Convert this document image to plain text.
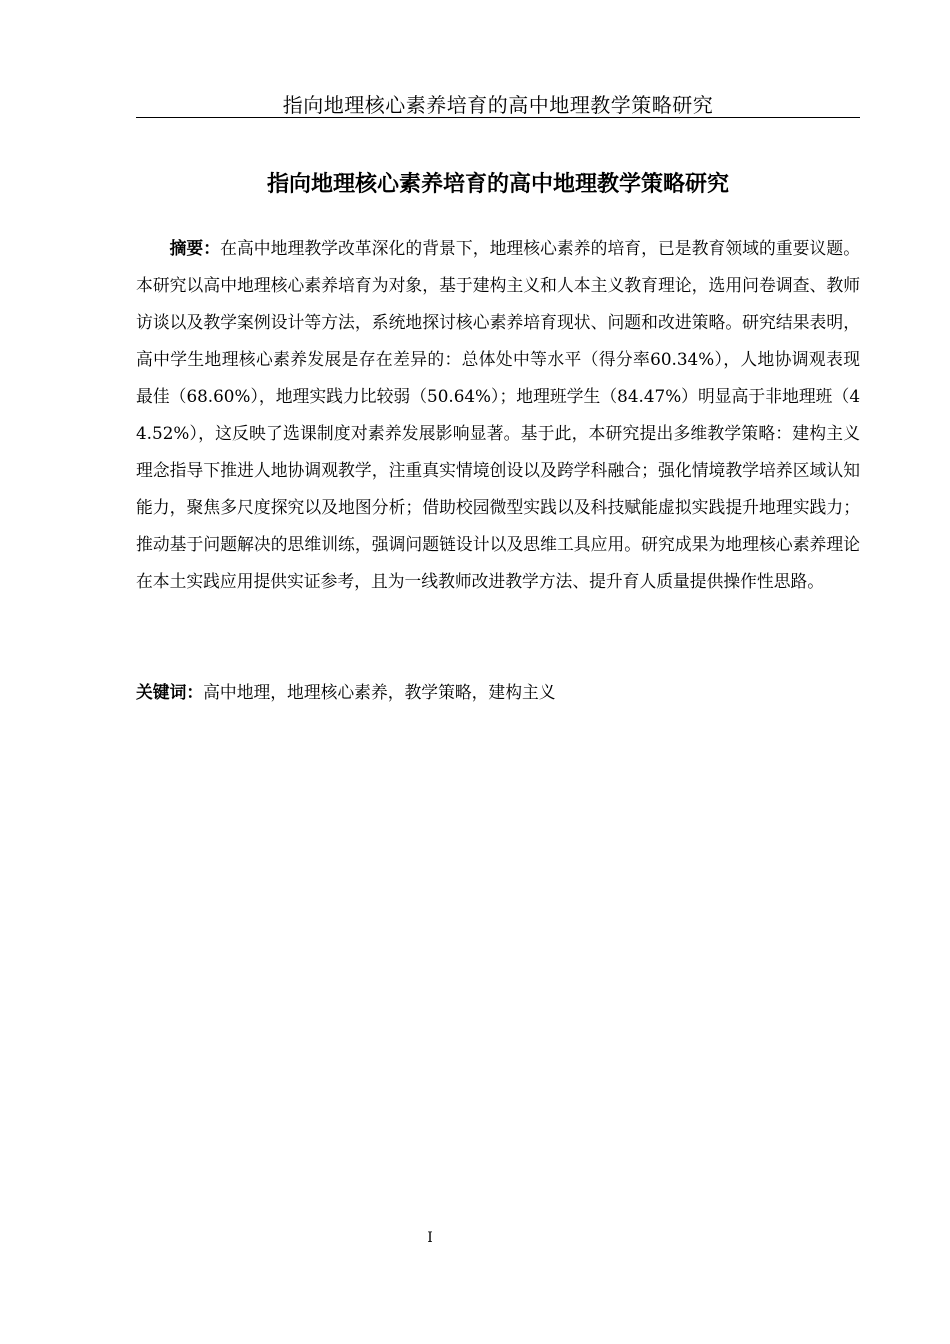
指向地理核心素养培育的高中地理教学策略研究
指向地理核心素养培育的高中地理教学策略研究

摘要：在高中地理教学改革深化的背景下，地理核心素养的培育，已是教育领域的重要议题。本研究以高中地理核心素养培育为对象，基于建构主义和人本主义教育理论，选用问卷调查、教师访谈以及教学案例设计等方法，系统地探讨核心素养培育现状、问题和改进策略。研究结果表明，高中学生地理核心素养发展是存在差异的：总体处中等水平（得分率60.34%），人地协调观表现最佳（68.60%），地理实践力比较弱（50.64%）；地理班学生（84.47%）明显高于非地理班（44.52%），这反映了选课制度对素养发展影响显著。基于此，本研究提出多维教学策略：建构主义理念指导下推进人地协调观教学，注重真实情境创设以及跨学科融合；强化情境教学培养区域认知能力，聚焦多尺度探究以及地图分析；借助校园微型实践以及科技赋能虚拟实践提升地理实践力；推动基于问题解决的思维训练，强调问题链设计以及思维工具应用。研究成果为地理核心素养理论在本土实践应用提供实证参考，且为一线教师改进教学方法、提升育人质量提供操作性思路。

关键词：高中地理，地理核心素养，教学策略，建构主义

I
